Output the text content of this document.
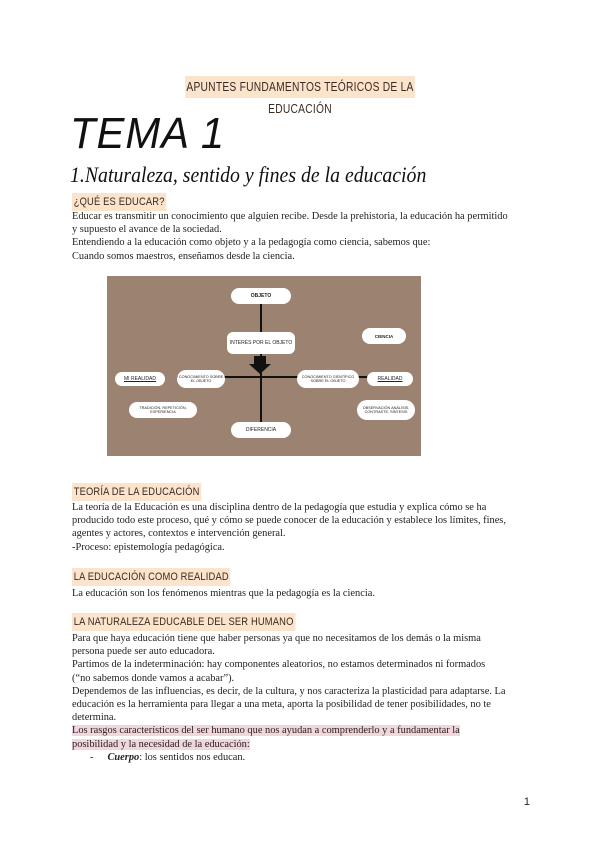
APUNTES FUNDAMENTOS TEÓRICOS DE LA EDUCACIÓN
TEMA 1
1.Naturaleza, sentido y fines de la educación
¿QUÉ ES EDUCAR?
Educar es transmitir un conocimiento que alguien recibe. Desde la prehistoria, la educación ha permitido
y supuesto el avance de la sociedad.
Entendiendo a la educación como objeto y a la pedagogía como ciencia, sabemos que:
Cuando somos maestros, enseñamos desde la ciencia.
OBJETO
CIENCIA
INTERÉS POR EL OBJETO
MI REALIDAD	CONOCIMIENTO SOBRE EL OBJETO
CONOCIMIENTO CIENTÍFICO SOBRE EL OBJETO	REALIDAD
TRADICIÓN, REPETICIÓN, EXPERIENCIA
OBSERVACIÓN ANÁLISIS, CONTRASTE, SÍNTESIS
DIFERENCIA
TEORÍA DE LA EDUCACIÓN
La teoría de la Educación es una disciplina dentro de la pedagogía que estudia y explica cómo se ha
producido todo este proceso, qué y cómo se puede conocer de la educación y establece los límites, fines,
agentes y actores, contextos e intervención general.
-Proceso: epistemología pedagógica.
LA EDUCACIÓN COMO REALIDAD
La educación son los fenómenos mientras que la pedagogía es la ciencia.
LA NATURALEZA EDUCABLE DEL SER HUMANO
Para que haya educación tiene que haber personas ya que no necesitamos de los demás o la misma
persona puede ser auto educadora.
Partimos de la indeterminación: hay componentes aleatorios, no estamos determinados ni formados
(“no sabemos donde vamos a acabar”).
Dependemos de las influencias, es decir, de la cultura, y nos caracteriza la plasticidad para adaptarse. La
educación es la herramienta para llegar a una meta, aporta la posibilidad de tener posibilidades, no te
determina.
Los rasgos característicos del ser humano que nos ayudan a comprenderlo y a fundamentar la
posibilidad y la necesidad de la educación:
- Cuerpo: los sentidos nos educan.
1
